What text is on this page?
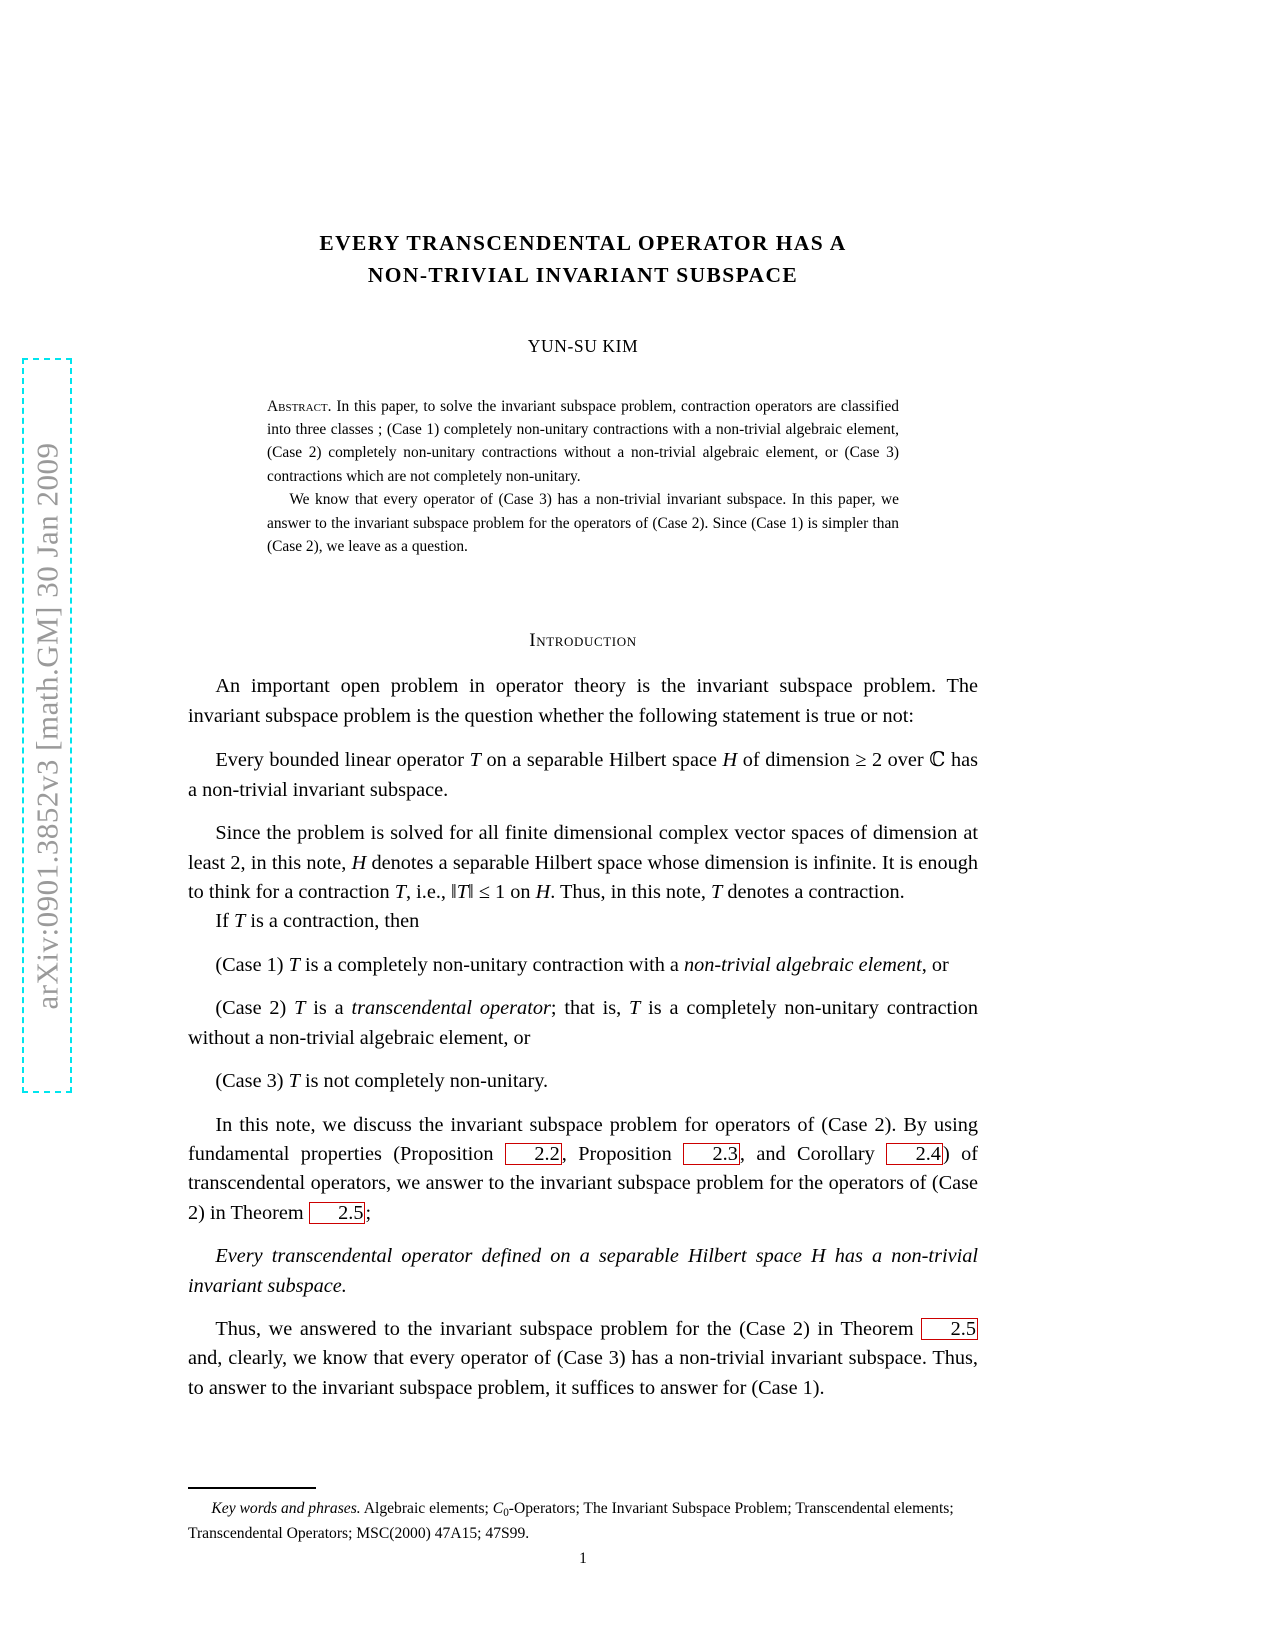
arXiv:0901.3852v3 [math.GM] 30 Jan 2009
EVERY TRANSCENDENTAL OPERATOR HAS A
NON-TRIVIAL INVARIANT SUBSPACE
YUN-SU KIM

Abstract. In this paper, to solve the invariant subspace problem, contraction operators are classified into three classes ; (Case 1) completely non-unitary contractions with a non-trivial algebraic element, (Case 2) completely non-unitary contractions without a non-trivial algebraic element, or (Case 3) contractions which are not completely non-unitary.

We know that every operator of (Case 3) has a non-trivial invariant subspace. In this paper, we answer to the invariant subspace problem for the operators of (Case 2). Since (Case 1) is simpler than (Case 2), we leave as a question.

Introduction

An important open problem in operator theory is the invariant subspace problem. The invariant subspace problem is the question whether the following statement is true or not:

Every bounded linear operator T on a separable Hilbert space H of dimension ≥ 2 over ℂ has a non-trivial invariant subspace.

Since the problem is solved for all finite dimensional complex vector spaces of dimension at least 2, in this note, H denotes a separable Hilbert space whose dimension is infinite. It is enough to think for a contraction T, i.e., ‖T‖ ≤ 1 on H. Thus, in this note, T denotes a contraction.

If T is a contraction, then

(Case 1) T is a completely non-unitary contraction with a non-trivial algebraic element, or

(Case 2) T is a transcendental operator; that is, T is a completely non-unitary contraction without a non-trivial algebraic element, or

(Case 3) T is not completely non-unitary.

In this note, we discuss the invariant subspace problem for operators of (Case 2). By using fundamental properties (Proposition 2.2, Proposition 2.3, and Corollary 2.4) of transcendental operators, we answer to the invariant subspace problem for the operators of (Case 2) in Theorem 2.5;

Every transcendental operator defined on a separable Hilbert space H has a non-trivial invariant subspace.

Thus, we answered to the invariant subspace problem for the (Case 2) in Theorem 2.5 and, clearly, we know that every operator of (Case 3) has a non-trivial invariant subspace. Thus, to answer to the invariant subspace problem, it suffices to answer for (Case 1).

Key words and phrases. Algebraic elements; $C_0$-Operators; The Invariant Subspace Problem; Transcendental elements; Transcendental Operators; MSC(2000) 47A15; 47S99.

1
